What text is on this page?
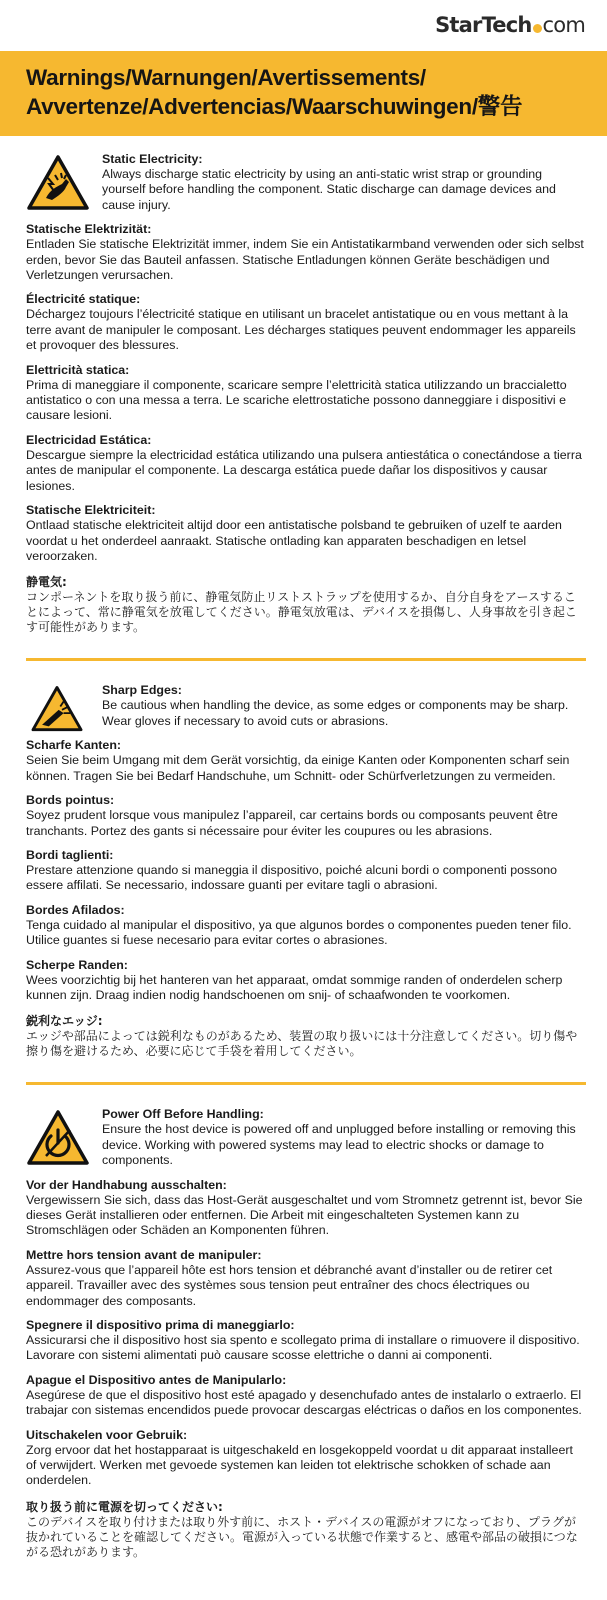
StarTech com
Warnings/Warnungen/Avertissements/
Avvertenze/Advertencias/Waarschuwingen/警告
Static Electricity:
Always discharge static electricity by using an anti-static wrist strap or grounding yourself before handling the component. Static discharge can damage devices and cause injury.
Statische Elektrizität:
Entladen Sie statische Elektrizität immer, indem Sie ein Antistatikarmband verwenden oder sich selbst erden, bevor Sie das Bauteil anfassen. Statische Entladungen können Geräte beschädigen und Verletzungen verursachen.
Électricité statique:
Déchargez toujours l’électricité statique en utilisant un bracelet antistatique ou en vous mettant à la terre avant de manipuler le composant. Les décharges statiques peuvent endommager les appareils et provoquer des blessures.
Elettricità statica:
Prima di maneggiare il componente, scaricare sempre l’elettricità statica utilizzando un braccialetto antistatico o con una messa a terra. Le scariche elettrostatiche possono danneggiare i dispositivi e causare lesioni.
Electricidad Estática:
Descargue siempre la electricidad estática utilizando una pulsera antiestática o conectándose a tierra antes de manipular el componente. La descarga estática puede dañar los dispositivos y causar lesiones.
Statische Elektriciteit:
Ontlaad statische elektriciteit altijd door een antistatische polsband te gebruiken of uzelf te aarden voordat u het onderdeel aanraakt. Statische ontlading kan apparaten beschadigen en letsel veroorzaken.
静電気:
コンポーネントを取り扱う前に、静電気防止リストストラップを使用するか、自分自身をアースすることによって、常に静電気を放電してください。静電気放電は、デバイスを損傷し、人身事故を引き起こす可能性があります。
Sharp Edges:
Be cautious when handling the device, as some edges or components may be sharp. Wear gloves if necessary to avoid cuts or abrasions.
Scharfe Kanten:
Seien Sie beim Umgang mit dem Gerät vorsichtig, da einige Kanten oder Komponenten scharf sein können. Tragen Sie bei Bedarf Handschuhe, um Schnitt- oder Schürfverletzungen zu vermeiden.
Bords pointus:
Soyez prudent lorsque vous manipulez l’appareil, car certains bords ou composants peuvent être tranchants. Portez des gants si nécessaire pour éviter les coupures ou les abrasions.
Bordi taglienti:
Prestare attenzione quando si maneggia il dispositivo, poiché alcuni bordi o componenti possono essere affilati. Se necessario, indossare guanti per evitare tagli o abrasioni.
Bordes Afilados:
Tenga cuidado al manipular el dispositivo, ya que algunos bordes o componentes pueden tener filo. Utilice guantes si fuese necesario para evitar cortes o abrasiones.
Scherpe Randen:
Wees voorzichtig bij het hanteren van het apparaat, omdat sommige randen of onderdelen scherp kunnen zijn. Draag indien nodig handschoenen om snij- of schaafwonden te voorkomen.
鋭利なエッジ:
エッジや部品によっては鋭利なものがあるため、装置の取り扱いには十分注意してください。切り傷や擦り傷を避けるため、必要に応じて手袋を着用してください。
Power Off Before Handling:
Ensure the host device is powered off and unplugged before installing or removing this device. Working with powered systems may lead to electric shocks or damage to components.
Vor der Handhabung ausschalten:
Vergewissern Sie sich, dass das Host-Gerät ausgeschaltet und vom Stromnetz getrennt ist, bevor Sie dieses Gerät installieren oder entfernen. Die Arbeit mit eingeschalteten Systemen kann zu Stromschlägen oder Schäden an Komponenten führen.
Mettre hors tension avant de manipuler:
Assurez-vous que l’appareil hôte est hors tension et débranché avant d’installer ou de retirer cet appareil. Travailler avec des systèmes sous tension peut entraîner des chocs électriques ou endommager des composants.
Spegnere il dispositivo prima di maneggiarlo:
Assicurarsi che il dispositivo host sia spento e scollegato prima di installare o rimuovere il dispositivo. Lavorare con sistemi alimentati può causare scosse elettriche o danni ai componenti.
Apague el Dispositivo antes de Manipularlo:
Asegúrese de que el dispositivo host esté apagado y desenchufado antes de instalarlo o extraerlo. El trabajar con sistemas encendidos puede provocar descargas eléctricas o daños en los componentes.
Uitschakelen voor Gebruik:
Zorg ervoor dat het hostapparaat is uitgeschakeld en losgekoppeld voordat u dit apparaat installeert of verwijdert. Werken met gevoede systemen kan leiden tot elektrische schokken of schade aan onderdelen.
取り扱う前に電源を切ってください:
このデバイスを取り付けまたは取り外す前に、ホスト・デバイスの電源がオフになっており、プラグが抜かれていることを確認してください。電源が入っている状態で作業すると、感電や部品の破損につながる恐れがあります。
